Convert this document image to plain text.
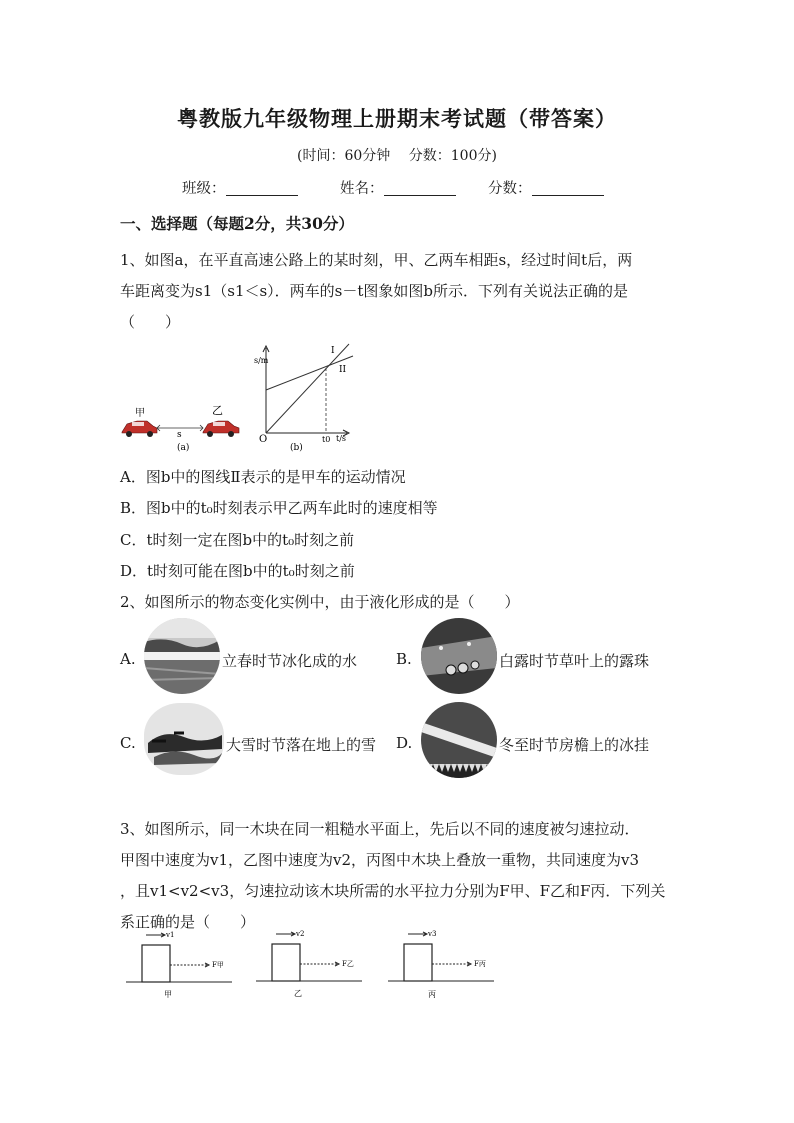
粤教版九年级物理上册期末考试题（带答案）
(时间：60分钟　 分数：100分)
班级：	姓名：	分数：
一、选择题（每题2分，共30分）
1、如图a，在平直高速公路上的某时刻，甲、乙两车相距s，经过时间t后，两
车距离变为s1（s1＜s）．两车的s－t图象如图b所示．下列有关说法正确的是
（　　）
甲	乙
s
(a)
s/m
O	t0 t/s
I
II
(b)
A．图b中的图线Ⅱ表示的是甲车的运动情况
B．图b中的t₀时刻表示甲乙两车此时的速度相等
C．t时刻一定在图b中的t₀时刻之前
D．t时刻可能在图b中的t₀时刻之前
2、如图所示的物态变化实例中，由于液化形成的是（　　）
A.	立春时节冰化成的水	B.	白露时节草叶上的露珠
C.	大雪时节落在地上的雪 D.	冬至时节房檐上的冰挂
3、如图所示，同一木块在同一粗糙水平面上，先后以不同的速度被匀速拉动．
甲图中速度为v1，乙图中速度为v2，丙图中木块上叠放一重物，共同速度为v3
，且v1<v2<v3，匀速拉动该木块所需的水平拉力分别为F甲、F乙和F丙．下列关
系正确的是（　　）
v1
F甲
甲
v2
F乙
乙
v3
F丙
丙
